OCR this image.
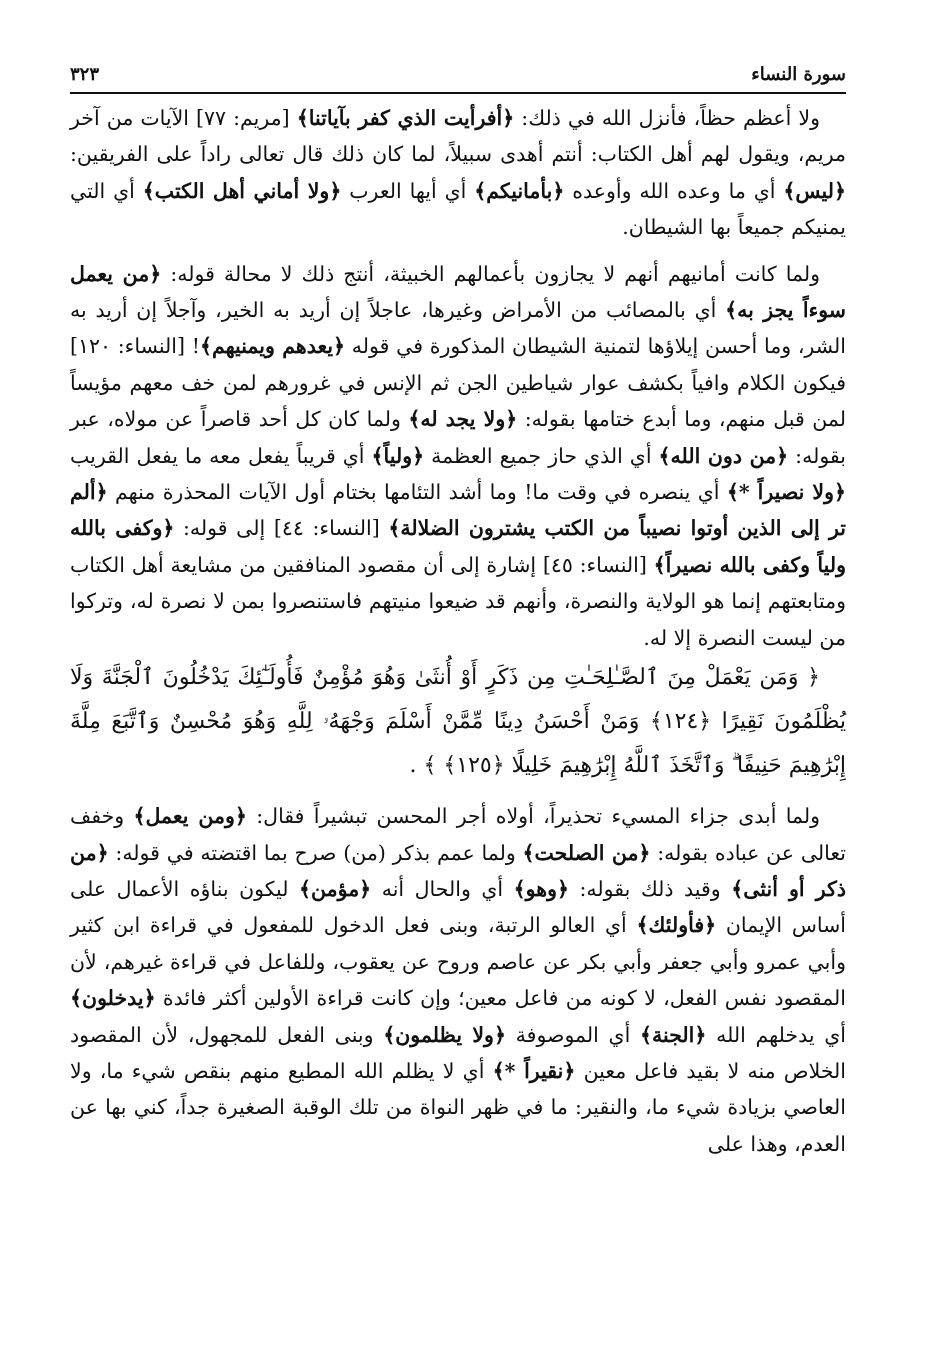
سورة النساء
٣٢٣

ولا أعظم حظاً، فأنزل الله في ذلك: ﴿أفرأيت الذي كفر بآياتنا﴾ [مريم: ٧٧] الآيات من آخر مريم، ويقول لهم أهل الكتاب: أنتم أهدى سبيلاً، لما كان ذلك قال تعالى راداً على الفريقين: ﴿ليس﴾ أي ما وعده الله وأوعده ﴿بأمانيكم﴾ أي أيها العرب ﴿ولا أماني أهل الكتب﴾ أي التي يمنيكم جميعاً بها الشيطان.

ولما كانت أمانيهم أنهم لا يجازون بأعمالهم الخبيثة، أنتج ذلك لا محالة قوله: ﴿من يعمل سوءاً يجز به﴾ أي بالمصائب من الأمراض وغيرها، عاجلاً إن أريد به الخير، وآجلاً إن أريد به الشر، وما أحسن إيلاؤها لتمنية الشيطان المذكورة في قوله ﴿يعدهم ويمنيهم﴾! [النساء: ١٢٠] فيكون الكلام وافياً بكشف عوار شياطين الجن ثم الإنس في غرورهم لمن خف معهم مؤيساً لمن قبل منهم، وما أبدع ختامها بقوله: ﴿ولا يجد له﴾ ولما كان كل أحد قاصراً عن مولاه، عبر بقوله: ﴿من دون الله﴾ أي الذي حاز جميع العظمة ﴿ولياً﴾ أي قريباً يفعل معه ما يفعل القريب ﴿ولا نصيراً *﴾ أي ينصره في وقت ما! وما أشد التئامها بختام أول الآيات المحذرة منهم ﴿ألم تر إلى الذين أوتوا نصيباً من الكتب يشترون الضلالة﴾ [النساء: ٤٤] إلى قوله: ﴿وكفى بالله ولياً وكفى بالله نصيراً﴾ [النساء: ٤٥] إشارة إلى أن مقصود المنافقين من مشايعة أهل الكتاب ومتابعتهم إنما هو الولاية والنصرة، وأنهم قد ضيعوا منيتهم فاستنصروا بمن لا نصرة له، وتركوا من ليست النصرة إلا له.

﴿ وَمَن يَعْمَلْ مِنَ ٱلصَّـٰلِحَـٰتِ مِن ذَكَرٍ أَوْ أُنثَىٰ وَهُوَ مُؤْمِنٌ فَأُولَـٰٓئِكَ يَدْخُلُونَ ٱلْجَنَّةَ وَلَا يُظْلَمُونَ نَقِيرًا ﴿١٢٤﴾ وَمَنْ أَحْسَنُ دِينًا مِّمَّنْ أَسْلَمَ وَجْهَهُۥ لِلَّهِ وَهُوَ مُحْسِنٌ وَٱتَّبَعَ مِلَّةَ إِبْرَٰهِيمَ حَنِيفًا ۗ وَٱتَّخَذَ ٱللَّهُ إِبْرَٰهِيمَ خَلِيلًا ﴿١٢٥﴾ ﴾ .

ولما أبدى جزاء المسيء تحذيراً، أولاه أجر المحسن تبشيراً فقال: ﴿ومن يعمل﴾ وخفف تعالى عن عباده بقوله: ﴿من الصلحت﴾ ولما عمم بذكر (من) صرح بما اقتضته في قوله: ﴿من ذكر أو أنثى﴾ وقيد ذلك بقوله: ﴿وهو﴾ أي والحال أنه ﴿مؤمن﴾ ليكون بناؤه الأعمال على أساس الإيمان ﴿فأولئك﴾ أي العالو الرتبة، وبنى فعل الدخول للمفعول في قراءة ابن كثير وأبي عمرو وأبي جعفر وأبي بكر عن عاصم وروح عن يعقوب، وللفاعل في قراءة غيرهم، لأن المقصود نفس الفعل، لا كونه من فاعل معين؛ وإن كانت قراءة الأولين أكثر فائدة ﴿يدخلون﴾ أي يدخلهم الله ﴿الجنة﴾ أي الموصوفة ﴿ولا يظلمون﴾ وبنى الفعل للمجهول، لأن المقصود الخلاص منه لا بقيد فاعل معين ﴿نقيراً *﴾ أي لا يظلم الله المطيع منهم بنقص شيء ما، ولا العاصي بزيادة شيء ما، والنقير: ما في ظهر النواة من تلك الوقبة الصغيرة جداً، كني بها عن العدم، وهذا على
